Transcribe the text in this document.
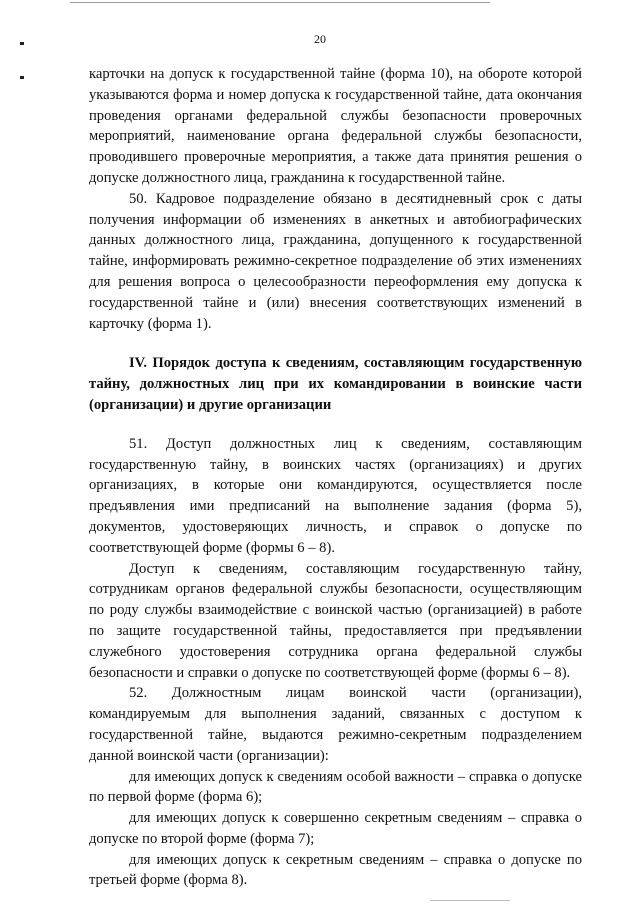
20

карточки на допуск к государственной тайне (форма 10), на обороте которой указываются форма и номер допуска к государственной тайне, дата окончания проведения органами федеральной службы безопасности проверочных мероприятий, наименование органа федеральной службы безопасности, проводившего проверочные мероприятия, а также дата принятия решения о допуске должностного лица, гражданина к государственной тайне.

50. Кадровое подразделение обязано в десятидневный срок с даты получения информации об изменениях в анкетных и автобиографических данных должностного лица, гражданина, допущенного к государственной тайне, информировать режимно-секретное подразделение об этих изменениях для решения вопроса о целесообразности переоформления ему допуска к государственной тайне и (или) внесения соответствующих изменений в карточку (форма 1).

IV. Порядок доступа к сведениям, составляющим государственную тайну, должностных лиц при их командировании в воинские части (организации) и другие организации

51. Доступ должностных лиц к сведениям, составляющим государственную тайну, в воинских частях (организациях) и других организациях, в которые они командируются, осуществляется после предъявления ими предписаний на выполнение задания (форма 5), документов, удостоверяющих личность, и справок о допуске по соответствующей форме (формы 6 – 8).

Доступ к сведениям, составляющим государственную тайну, сотрудникам органов федеральной службы безопасности, осуществляющим по роду службы взаимодействие с воинской частью (организацией) в работе по защите государственной тайны, предоставляется при предъявлении служебного удостоверения сотрудника органа федеральной службы безопасности и справки о допуске по соответствующей форме (формы 6 – 8).

52. Должностным лицам воинской части (организации), командируемым для выполнения заданий, связанных с доступом к государственной тайне, выдаются режимно-секретным подразделением данной воинской части (организации):

для имеющих допуск к сведениям особой важности – справка о допуске по первой форме (форма 6);

для имеющих допуск к совершенно секретным сведениям – справка о допуске по второй форме (форма 7);

для имеющих допуск к секретным сведениям – справка о допуске по третьей форме (форма 8).
